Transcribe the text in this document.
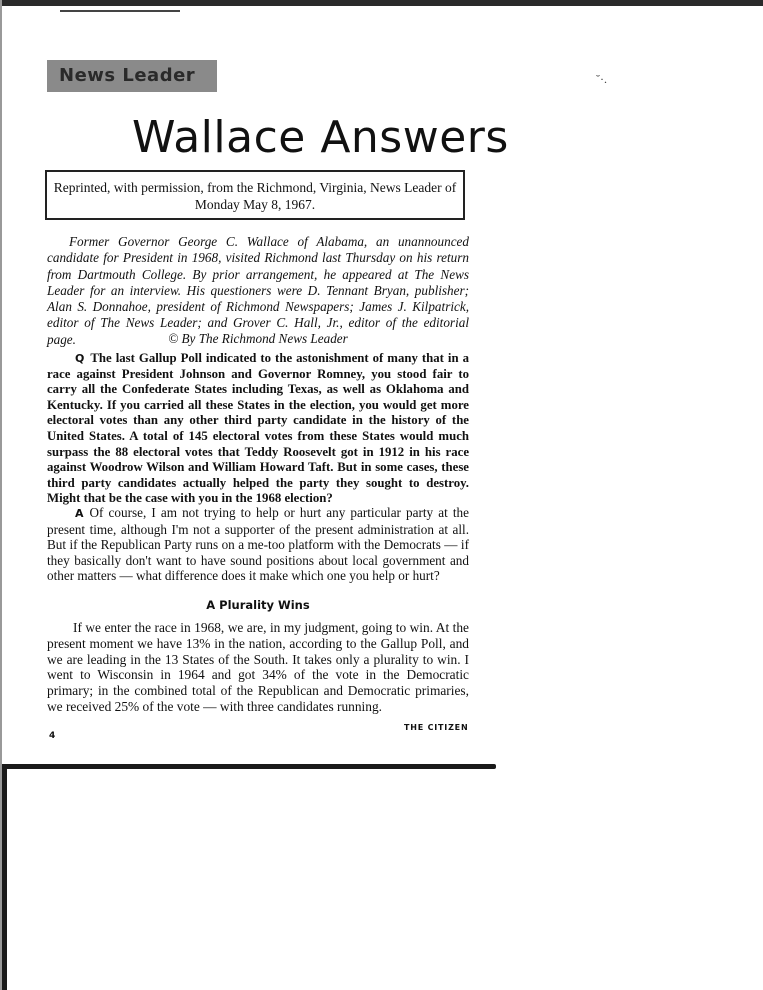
˘·.
News Leader
Wallace Answers
Reprinted, with permission, from the Richmond, Virginia, News Leader of Monday May 8, 1967.

Former Governor George C. Wallace of Alabama, an unannounced candidate for President in 1968, visited Richmond last Thursday on his return from Dartmouth College. By prior arrangement, he appeared at The News Leader for an interview. His questioners were D. Tennant Bryan, publisher; Alan S. Donnahoe, president of Richmond Newspapers; James J. Kilpatrick, editor of The News Leader; and Grover C. Hall, Jr., editor of the editorial page.	© By The Richmond News Leader

Q The last Gallup Poll indicated to the astonishment of many that in a race against President Johnson and Governor Romney, you stood fair to carry all the Confederate States including Texas, as well as Oklahoma and Kentucky. If you carried all these States in the election, you would get more electoral votes than any other third party candidate in the history of the United States. A total of 145 electoral votes from these States would much surpass the 88 electoral votes that Teddy Roosevelt got in 1912 in his race against Woodrow Wilson and William Howard Taft. But in some cases, these third party candidates actually helped the party they sought to destroy. Might that be the case with you in the 1968 election?

A Of course, I am not trying to help or hurt any particular party at the present time, although I'm not a supporter of the present administration at all. But if the Republican Party runs on a me-too platform with the Democrats — if they basically don't want to have sound positions about local government and other matters — what difference does it make which one you help or hurt?

A Plurality Wins

If we enter the race in 1968, we are, in my judgment, going to win. At the present moment we have 13% in the nation, according to the Gallup Poll, and we are leading in the 13 States of the South. It takes only a plurality to win. I went to Wisconsin in 1964 and got 34% of the vote in the Democratic primary; in the combined total of the Republican and Democratic primaries, we received 25% of the vote — with three candidates running.

THE CITIZEN
4
